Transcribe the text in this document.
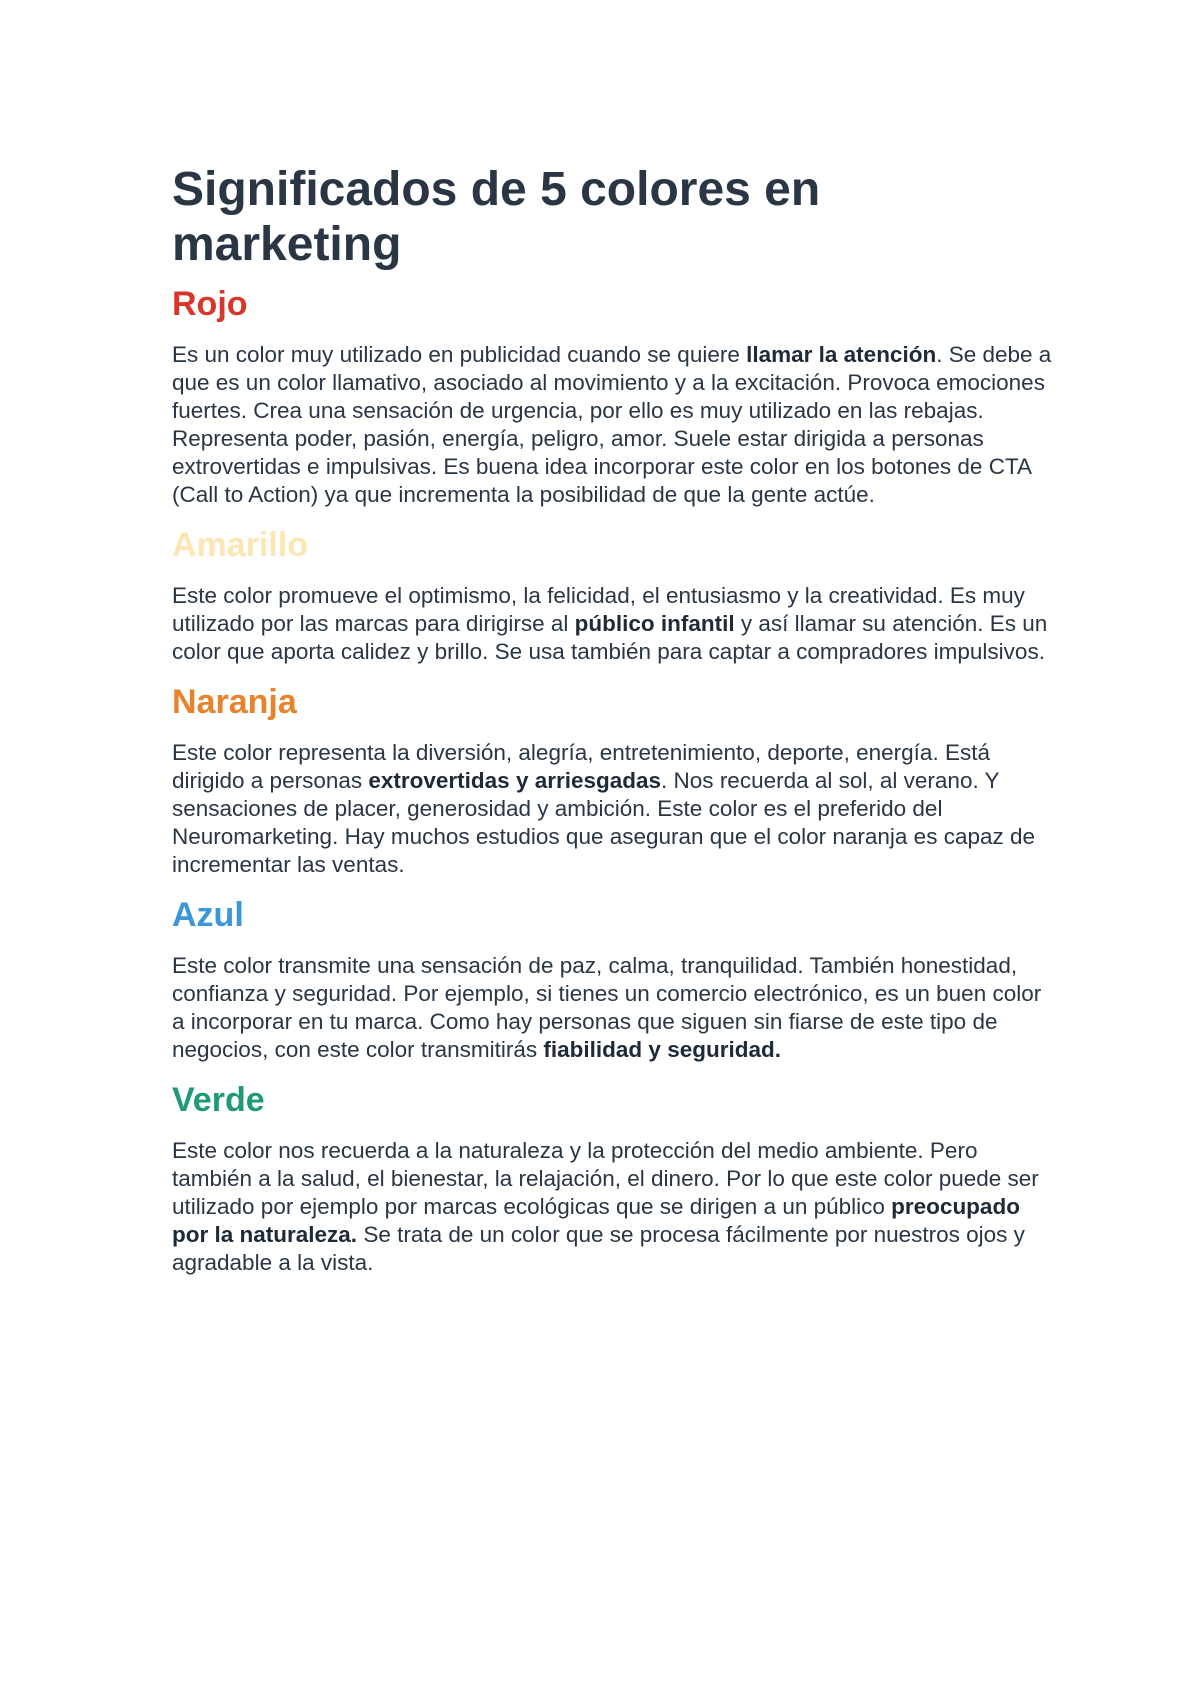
Significados de 5 colores en marketing
Rojo

Es un color muy utilizado en publicidad cuando se quiere llamar la atención. Se debe a que es un color llamativo, asociado al movimiento y a la excitación. Provoca emociones fuertes. Crea una sensación de urgencia, por ello es muy utilizado en las rebajas. Representa poder, pasión, energía, peligro, amor. Suele estar dirigida a personas extrovertidas e impulsivas. Es buena idea incorporar este color en los botones de CTA (Call to Action) ya que incrementa la posibilidad de que la gente actúe.

Amarillo

Este color promueve el optimismo, la felicidad, el entusiasmo y la creatividad. Es muy utilizado por las marcas para dirigirse al público infantil y así llamar su atención. Es un color que aporta calidez y brillo. Se usa también para captar a compradores impulsivos.

Naranja

Este color representa la diversión, alegría, entretenimiento, deporte, energía. Está dirigido a personas extrovertidas y arriesgadas. Nos recuerda al sol, al verano. Y sensaciones de placer, generosidad y ambición. Este color es el preferido del Neuromarketing. Hay muchos estudios que aseguran que el color naranja es capaz de incrementar las ventas.

Azul

Este color transmite una sensación de paz, calma, tranquilidad. También honestidad, confianza y seguridad. Por ejemplo, si tienes un comercio electrónico, es un buen color a incorporar en tu marca. Como hay personas que siguen sin fiarse de este tipo de negocios, con este color transmitirás fiabilidad y seguridad.

Verde

Este color nos recuerda a la naturaleza y la protección del medio ambiente. Pero también a la salud, el bienestar, la relajación, el dinero. Por lo que este color puede ser utilizado por ejemplo por marcas ecológicas que se dirigen a un público preocupado por la naturaleza. Se trata de un color que se procesa fácilmente por nuestros ojos y agradable a la vista.
